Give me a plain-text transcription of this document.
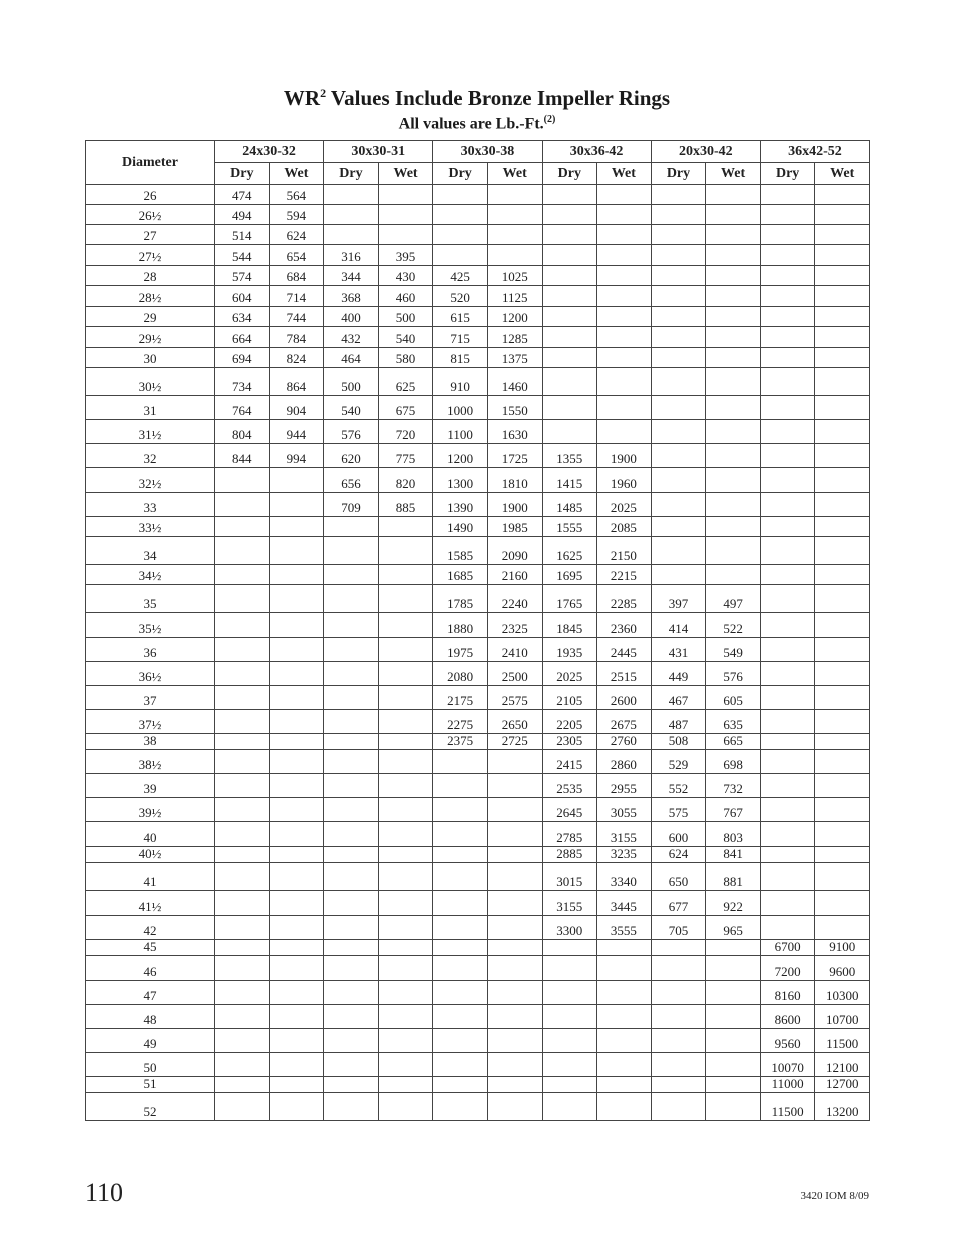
$WR^2$ Values Include Bronze Impeller Rings
All values are Lb.-Ft.$^{(2)}$
Diameter	24x30-32		30x30-31		30x30-38		30x36-42		20x30-42		36x42-52	
	Dry	Wet	Dry	Wet	Dry	Wet	Dry	Wet	Dry	Wet	Dry	Wet
26	474	564										
26½	494	594										
27	514	624										
27½	544	654	316	395								
28	574	684	344	430	425	1025						
28½	604	714	368	460	520	1125						
29	634	744	400	500	615	1200						
29½	664	784	432	540	715	1285						
30	694	824	464	580	815	1375						
30½	734	864	500	625	910	1460						
31	764	904	540	675	1000	1550						
31½	804	944	576	720	1100	1630						
32	844	994	620	775	1200	1725	1355	1900				
32½			656	820	1300	1810	1415	1960				
33			709	885	1390	1900	1485	2025				
33½					1490	1985	1555	2085				
34					1585	2090	1625	2150				
34½					1685	2160	1695	2215				
35					1785	2240	1765	2285	397	497		
35½					1880	2325	1845	2360	414	522		
36					1975	2410	1935	2445	431	549		
36½					2080	2500	2025	2515	449	576		
37					2175	2575	2105	2600	467	605		
37½					2275	2650	2205	2675	487	635		
38					2375	2725	2305	2760	508	665		
38½							2415	2860	529	698		
39							2535	2955	552	732		
39½							2645	3055	575	767		
40							2785	3155	600	803		
40½							2885	3235	624	841		
41							3015	3340	650	881		
41½							3155	3445	677	922		
42							3300	3555	705	965		
45											6700	9100
46											7200	9600
47											8160	10300
48											8600	10700
49											9560	11500
50											10070	12100
51											11000	12700
52											11500	13200
110	3420 IOM 8/09
